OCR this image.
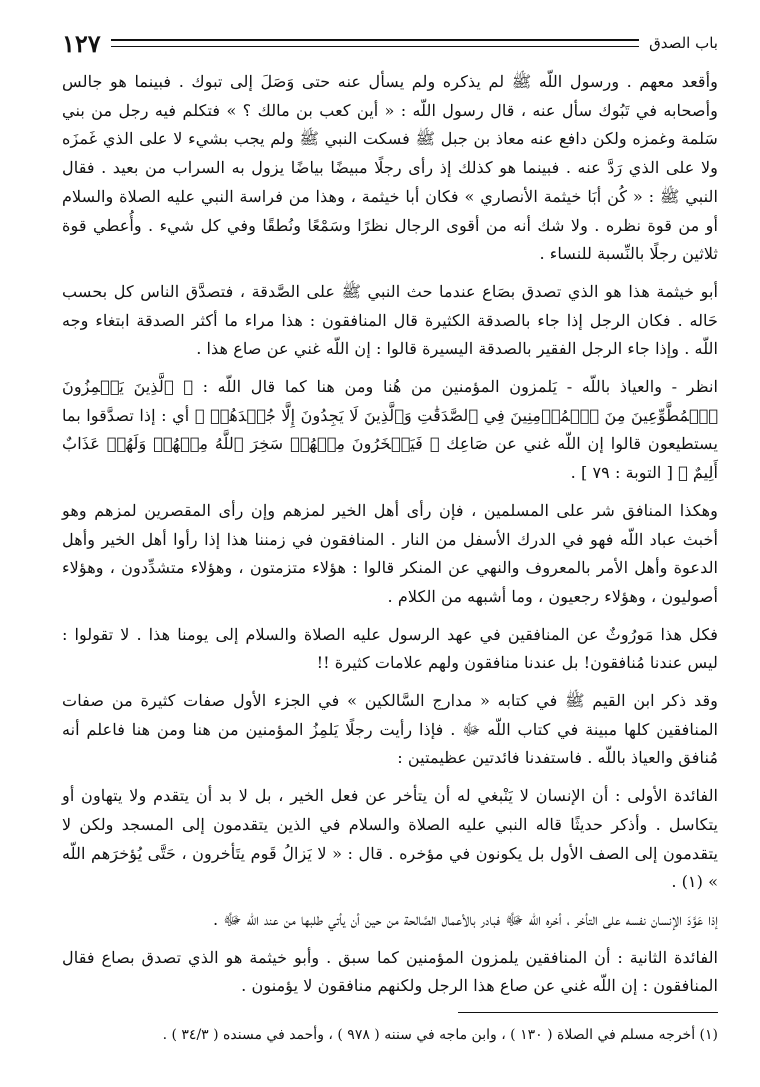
باب الصدق
١٢٧

وأقعد معهم . ورسول اللّه ﷺ لم يذكره ولم يسأل عنه حتى وَصَلَ إلى تبوك . فبينما هو جالس وأصحابه في تَبُوك سأل عنه ، قال رسول اللّه : « أين كعب بن مالك ؟ » فتكلم فيه رجل من بني سَلمة وغمزه ولكن دافع عنه معاذ بن جبل ﷺ فسكت النبي ﷺ ولم يجب بشيء لا على الذي غَمزَه ولا على الذي رَدَّ عنه . فبينما هو كذلك إذ رأى رجلًا مبيضًا بياضًا يزول به السراب من بعيد . فقال النبي ﷺ : « كُن أبَا خيثمة الأنصاري » فكان أبا خيثمة ، وهذا من فراسة النبي عليه الصلاة والسلام أو من قوة نظره . ولا شك أنه من أقوى الرجال نظرًا وسَمْعًا ونُطقًا وفي كل شيء . وأُعطي قوة ثلاثين رجلًا بالنِّسبة للنساء .

أبو خيثمة هذا هو الذي تصدق بصَاع عندما حث النبي ﷺ على الصَّدقة ، فتصدَّق الناس كل بحسب حَاله . فكان الرجل إذا جاء بالصدقة الكثيرة قال المنافقون : هذا مراء ما أكثر الصدقة ابتغاء وجه اللّه . وإذا جاء الرجل الفقير بالصدقة اليسيرة قالوا : إن اللّه غني عن صاع هذا .

انظر - والعياذ باللّه - يَلمزون المؤمنين من هُنا ومن هنا كما قال اللّه : ﴿ ٱلَّذِينَ يَلۡمِزُونَ ٱلۡمُطَّوِّعِينَ مِنَ ٱلۡمُؤۡمِنِينَ فِي ٱلصَّدَقَٰتِ وَٱلَّذِينَ لَا يَجِدُونَ إِلَّا جُهۡدَهُمۡ ﴾ أي : إذا تصدَّقوا بما يستطيعون قالوا إن اللّه غني عن صَاعِك ﴿ فَيَسۡخَرُونَ مِنۡهُمۡ سَخِرَ ٱللَّهُ مِنۡهُمۡ وَلَهُمۡ عَذَابٌ أَلِيمٌ ﴾ [ التوبة : ٧٩ ] .

وهكذا المنافق شر على المسلمين ، فإن رأى أهل الخير لمزهم وإن رأى المقصرين لمزهم وهو أخبث عباد اللّه فهو في الدرك الأسفل من النار . المنافقون في زمننا هذا إذا رأوا أهل الخير وأهل الدعوة وأهل الأمر بالمعروف والنهي عن المنكر قالوا : هؤلاء متزمتون ، وهؤلاء متشدِّدون ، وهؤلاء أصوليون ، وهؤلاء رجعيون ، وما أشبهه من الكلام .

فكل هذا مَورُوثٌ عن المنافقين في عهد الرسول عليه الصلاة والسلام إلى يومنا هذا . لا تقولوا : ليس عندنا مُنافقون! بل عندنا منافقون ولهم علامات كثيرة !!

وقد ذكر ابن القيم ﷺ في كتابه « مدارج السَّالكين » في الجزء الأول صفات كثيرة من صفات المنافقين كلها مبينة في كتاب اللّه ﷻ . فإذا رأيت رجلًا يَلمِزُ المؤمنين من هنا ومن هنا فاعلم أنه مُنافق والعياذ باللّه . فاستفدنا فائدتين عظيمتين :

الفائدة الأولى : أن الإنسان لا يَنْبغي له أن يتأخر عن فعل الخير ، بل لا بد أن يتقدم ولا يتهاون أو يتكاسل . وأذكر حديثًا قاله النبي عليه الصلاة والسلام في الذين يتقدمون إلى المسجد ولكن لا يتقدمون إلى الصف الأول بل يكونون في مؤخره . قال : « لا يَزالُ قَوم يتَأخرون ، حَتَّى يُؤخرَهم اللّه » (١) .

إذا عَوَّدَ الإنسان نفسه على التأخر ، أخره اللّه ﷻ فبادر بالأعمال الصَّالحة من حين أن يأتي طلبها من عند اللّه ﷻ .

الفائدة الثانية : أن المنافقين يلمزون المؤمنين كما سبق . وأبو خيثمة هو الذي تصدق بصاع فقال المنافقون : إن اللّه غني عن صاع هذا الرجل ولكنهم منافقون لا يؤمنون .

(١) أخرجه مسلم في الصلاة ( ١٣٠ ) ، وابن ماجه في سننه ( ٩٧٨ ) ، وأحمد في مسنده ( ٣٤/٣ ) .
